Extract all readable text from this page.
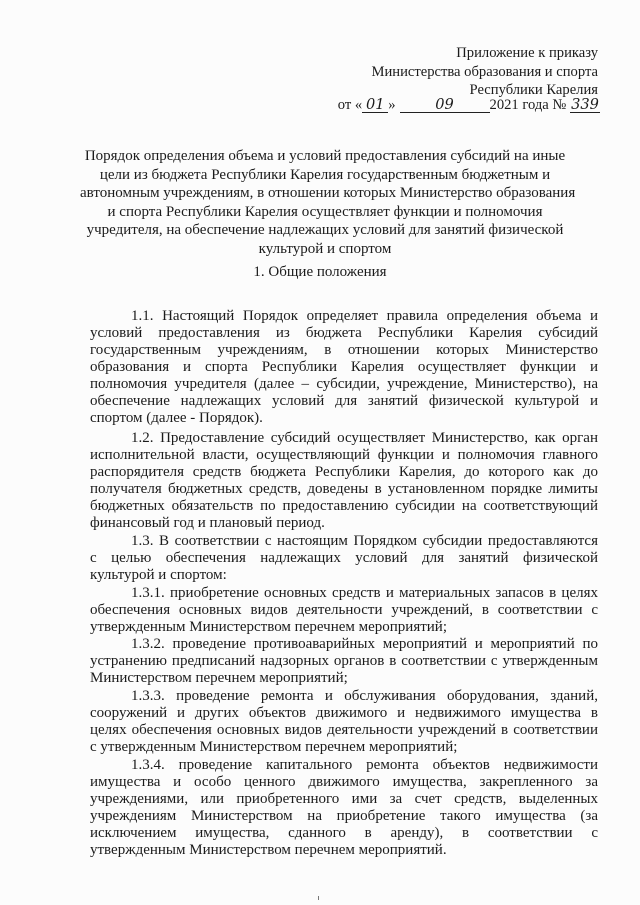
Приложение к приказу
Министерства образования и спорта
Республики Карелия
от « 01 »	09 2021 года № 339
Порядок определения объема и условий предоставления субсидий на иные
цели из бюджета Республики Карелия государственным бюджетным и
автономным учреждениям, в отношении которых Министерство образования
и спорта Республики Карелия осуществляет функции и полномочия
учредителя, на обеспечение надлежащих условий для занятий физической
культурой и спортом
1. Общие положения
1.1. Настоящий Порядок определяет правила определения объема и
условий предоставления из бюджета Республики Карелия субсидий
государственным учреждениям, в отношении которых Министерство
образования и спорта Республики Карелия осуществляет функции и
полномочия учредителя (далее – субсидии, учреждение, Министерство), на
обеспечение надлежащих условий для занятий физической культурой и
спортом (далее - Порядок).
1.2. Предоставление субсидий осуществляет Министерство, как орган
исполнительной власти, осуществляющий функции и полномочия главного
распорядителя средств бюджета Республики Карелия, до которого как до
получателя бюджетных средств, доведены в установленном порядке лимиты
бюджетных обязательств по предоставлению субсидии на соответствующий
финансовый год и плановый период.
1.3. В соответствии с настоящим Порядком субсидии предоставляются
с целью обеспечения надлежащих условий для занятий физической
культурой и спортом:
1.3.1. приобретение основных средств и материальных запасов в целях
обеспечения основных видов деятельности учреждений, в соответствии с
утвержденным Министерством перечнем мероприятий;
1.3.2. проведение противоаварийных мероприятий и мероприятий по
устранению предписаний надзорных органов в соответствии с утвержденным
Министерством перечнем мероприятий;
1.3.3. проведение ремонта и обслуживания оборудования, зданий,
сооружений и других объектов движимого и недвижимого имущества в
целях обеспечения основных видов деятельности учреждений в соответствии
с утвержденным Министерством перечнем мероприятий;
1.3.4. проведение капитального ремонта объектов недвижимости
имущества и особо ценного движимого имущества, закрепленного за
учреждениями, или приобретенного ими за счет средств, выделенных
учреждениям Министерством на приобретение такого имущества (за
исключением имущества, сданного в аренду), в соответствии с
утвержденным Министерством перечнем мероприятий.
